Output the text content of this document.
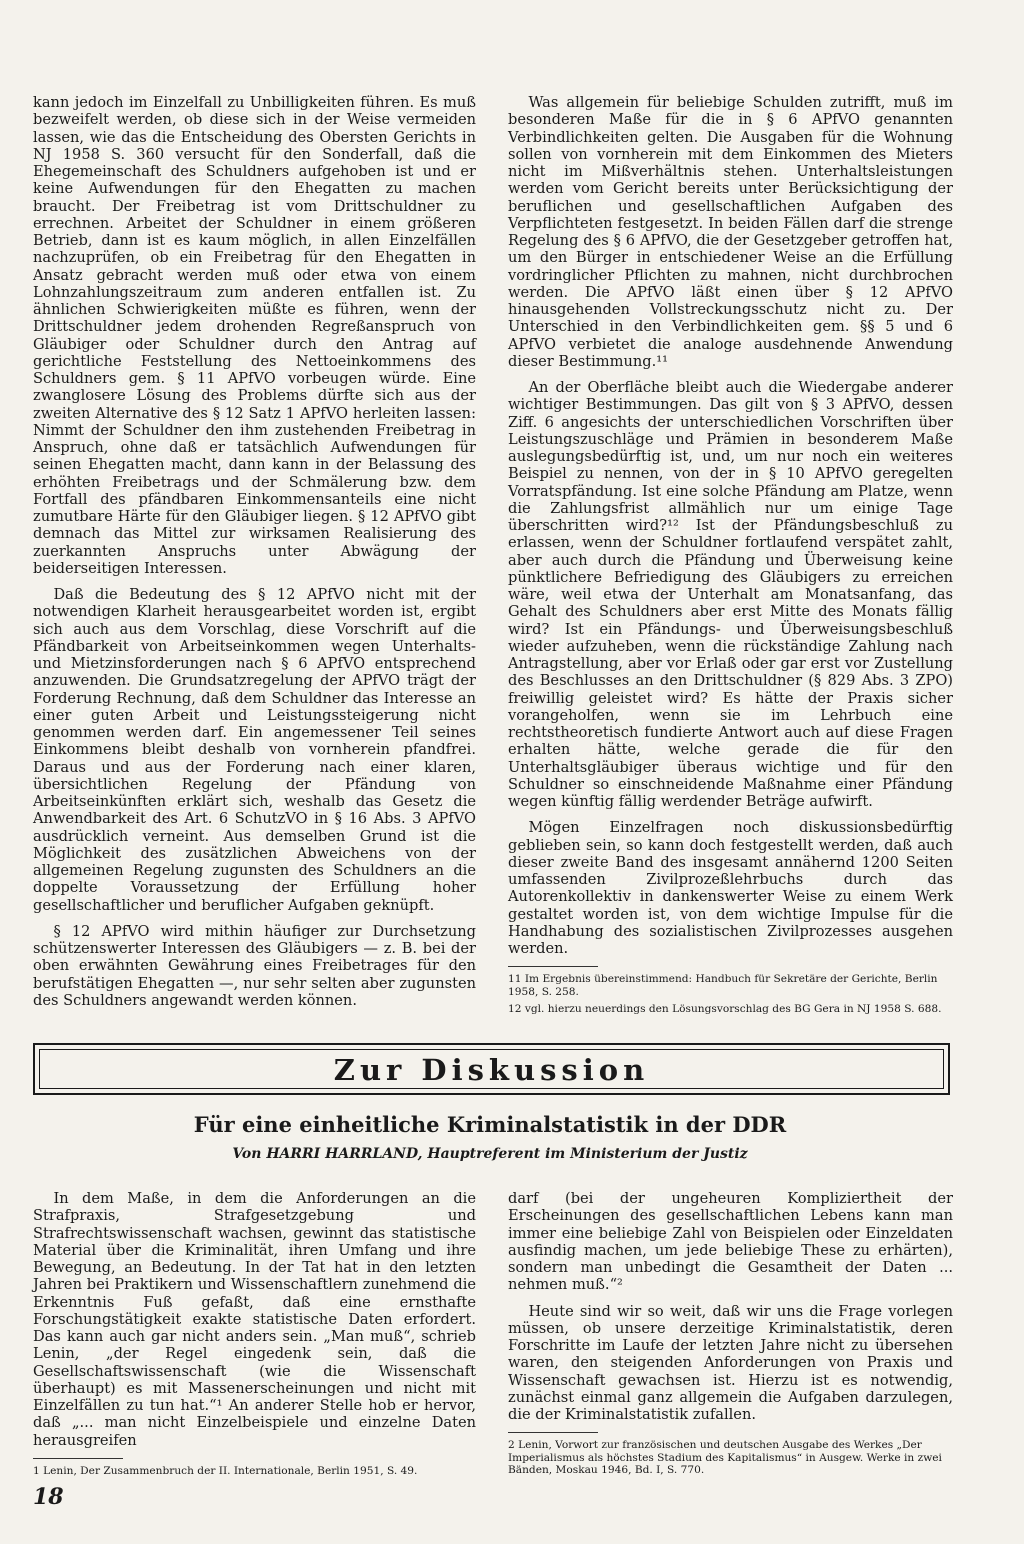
kann jedoch im Einzelfall zu Unbilligkeiten führen. Es muß bezweifelt werden, ob diese sich in der Weise vermeiden lassen, wie das die Entscheidung des Obersten Gerichts in NJ 1958 S. 360 versucht für den Sonderfall, daß die Ehegemeinschaft des Schuldners aufgehoben ist und er keine Aufwendungen für den Ehegatten zu machen braucht. Der Freibetrag ist vom Drittschuldner zu errechnen. Arbeitet der Schuldner in einem größeren Betrieb, dann ist es kaum möglich, in allen Einzelfällen nachzuprüfen, ob ein Freibetrag für den Ehegatten in Ansatz gebracht werden muß oder etwa von einem Lohnzahlungszeitraum zum anderen entfallen ist. Zu ähnlichen Schwierigkeiten müßte es führen, wenn der Drittschuldner jedem drohenden Regreßanspruch von Gläubiger oder Schuldner durch den Antrag auf gerichtliche Feststellung des Nettoeinkommens des Schuldners gem. § 11 APfVO vorbeugen würde. Eine zwanglosere Lösung des Problems dürfte sich aus der zweiten Alternative des § 12 Satz 1 APfVO herleiten lassen: Nimmt der Schuldner den ihm zustehenden Freibetrag in Anspruch, ohne daß er tatsächlich Aufwendungen für seinen Ehegatten macht, dann kann in der Belassung des erhöhten Freibetrags und der Schmälerung bzw. dem Fortfall des pfändbaren Einkommensanteils eine nicht zumutbare Härte für den Gläubiger liegen. § 12 APfVO gibt demnach das Mittel zur wirksamen Realisierung des zuerkannten Anspruchs unter Abwägung der beiderseitigen Interessen.

Daß die Bedeutung des § 12 APfVO nicht mit der notwendigen Klarheit herausgearbeitet worden ist, ergibt sich auch aus dem Vorschlag, diese Vorschrift auf die Pfändbarkeit von Arbeitseinkommen wegen Unterhalts- und Mietzinsforderungen nach § 6 APfVO entsprechend anzuwenden. Die Grundsatzregelung der APfVO trägt der Forderung Rechnung, daß dem Schuldner das Interesse an einer guten Arbeit und Leistungssteigerung nicht genommen werden darf. Ein angemessener Teil seines Einkommens bleibt deshalb von vornherein pfandfrei. Daraus und aus der Forderung nach einer klaren, übersichtlichen Regelung der Pfändung von Arbeitseinkünften erklärt sich, weshalb das Gesetz die Anwendbarkeit des Art. 6 SchutzVO in § 16 Abs. 3 APfVO ausdrücklich verneint. Aus demselben Grund ist die Möglichkeit des zusätzlichen Abweichens von der allgemeinen Regelung zugunsten des Schuldners an die doppelte Voraussetzung der Erfüllung hoher gesellschaftlicher und beruflicher Aufgaben geknüpft.

§ 12 APfVO wird mithin häufiger zur Durchsetzung schützenswerter Interessen des Gläubigers — z. B. bei der oben erwähnten Gewährung eines Freibetrages für den berufstätigen Ehegatten —, nur sehr selten aber zugunsten des Schuldners angewandt werden können.

Was allgemein für beliebige Schulden zutrifft, muß im besonderen Maße für die in § 6 APfVO genannten Verbindlichkeiten gelten. Die Ausgaben für die Wohnung sollen von vornherein mit dem Einkommen des Mieters nicht im Mißverhältnis stehen. Unterhaltsleistungen werden vom Gericht bereits unter Berücksichtigung der beruflichen und gesellschaftlichen Aufgaben des Verpflichteten festgesetzt. In beiden Fällen darf die strenge Regelung des § 6 APfVO, die der Gesetzgeber getroffen hat, um den Bürger in entschiedener Weise an die Erfüllung vordringlicher Pflichten zu mahnen, nicht durchbrochen werden. Die APfVO läßt einen über § 12 APfVO hinausgehenden Vollstreckungsschutz nicht zu. Der Unterschied in den Verbindlichkeiten gem. §§ 5 und 6 APfVO verbietet die analoge ausdehnende Anwendung dieser Bestimmung.¹¹

An der Oberfläche bleibt auch die Wiedergabe anderer wichtiger Bestimmungen. Das gilt von § 3 APfVO, dessen Ziff. 6 angesichts der unterschiedlichen Vorschriften über Leistungszuschläge und Prämien in besonderem Maße auslegungsbedürftig ist, und, um nur noch ein weiteres Beispiel zu nennen, von der in § 10 APfVO geregelten Vorratspfändung. Ist eine solche Pfändung am Platze, wenn die Zahlungsfrist allmählich nur um einige Tage überschritten wird?¹² Ist der Pfändungsbeschluß zu erlassen, wenn der Schuldner fortlaufend verspätet zahlt, aber auch durch die Pfändung und Überweisung keine pünktlichere Befriedigung des Gläubigers zu erreichen wäre, weil etwa der Unterhalt am Monatsanfang, das Gehalt des Schuldners aber erst Mitte des Monats fällig wird? Ist ein Pfändungs- und Überweisungsbeschluß wieder aufzuheben, wenn die rückständige Zahlung nach Antragstellung, aber vor Erlaß oder gar erst vor Zustellung des Beschlusses an den Drittschuldner (§ 829 Abs. 3 ZPO) freiwillig geleistet wird? Es hätte der Praxis sicher vorangeholfen, wenn sie im Lehrbuch eine rechtstheoretisch fundierte Antwort auch auf diese Fragen erhalten hätte, welche gerade die für den Unterhaltsgläubiger überaus wichtige und für den Schuldner so einschneidende Maßnahme einer Pfändung wegen künftig fällig werdender Beträge aufwirft.

Mögen Einzelfragen noch diskussionsbedürftig geblieben sein, so kann doch festgestellt werden, daß auch dieser zweite Band des insgesamt annähernd 1200 Seiten umfassenden Zivilprozeßlehrbuchs durch das Autorenkollektiv in dankenswerter Weise zu einem Werk gestaltet worden ist, von dem wichtige Impulse für die Handhabung des sozialistischen Zivilprozesses ausgehen werden.

11 Im Ergebnis übereinstimmend: Handbuch für Sekretäre der Gerichte, Berlin 1958, S. 258.
12 vgl. hierzu neuerdings den Lösungsvorschlag des BG Gera in NJ 1958 S. 688.
Zur Diskussion
Für eine einheitliche Kriminalstatistik in der DDR
Von HARRI HARRLAND, Hauptreferent im Ministerium der Justiz

In dem Maße, in dem die Anforderungen an die Strafpraxis, Strafgesetzgebung und Strafrechtswissenschaft wachsen, gewinnt das statistische Material über die Kriminalität, ihren Umfang und ihre Bewegung, an Bedeutung. In der Tat hat in den letzten Jahren bei Praktikern und Wissenschaftlern zunehmend die Erkenntnis Fuß gefaßt, daß eine ernsthafte Forschungstätigkeit exakte statistische Daten erfordert. Das kann auch gar nicht anders sein. „Man muß“, schrieb Lenin, „der Regel eingedenk sein, daß die Gesellschaftswissenschaft (wie die Wissenschaft überhaupt) es mit Massenerscheinungen und nicht mit Einzelfällen zu tun hat.“¹ An anderer Stelle hob er hervor, daß „... man nicht Einzelbeispiele und einzelne Daten herausgreifen

1 Lenin, Der Zusammenbruch der II. Internationale, Berlin 1951, S. 49.

darf (bei der ungeheuren Kompliziertheit der Erscheinungen des gesellschaftlichen Lebens kann man immer eine beliebige Zahl von Beispielen oder Einzeldaten ausfindig machen, um jede beliebige These zu erhärten), sondern man unbedingt die Gesamtheit der Daten ... nehmen muß.“²

Heute sind wir so weit, daß wir uns die Frage vorlegen müssen, ob unsere derzeitige Kriminalstatistik, deren Forschritte im Laufe der letzten Jahre nicht zu übersehen waren, den steigenden Anforderungen von Praxis und Wissenschaft gewachsen ist. Hierzu ist es notwendig, zunächst einmal ganz allgemein die Aufgaben darzulegen, die der Kriminalstatistik zufallen.

2 Lenin, Vorwort zur französischen und deutschen Ausgabe des Werkes „Der Imperialismus als höchstes Stadium des Kapitalismus“ in Ausgew. Werke in zwei Bänden, Moskau 1946, Bd. I, S. 770.
18
